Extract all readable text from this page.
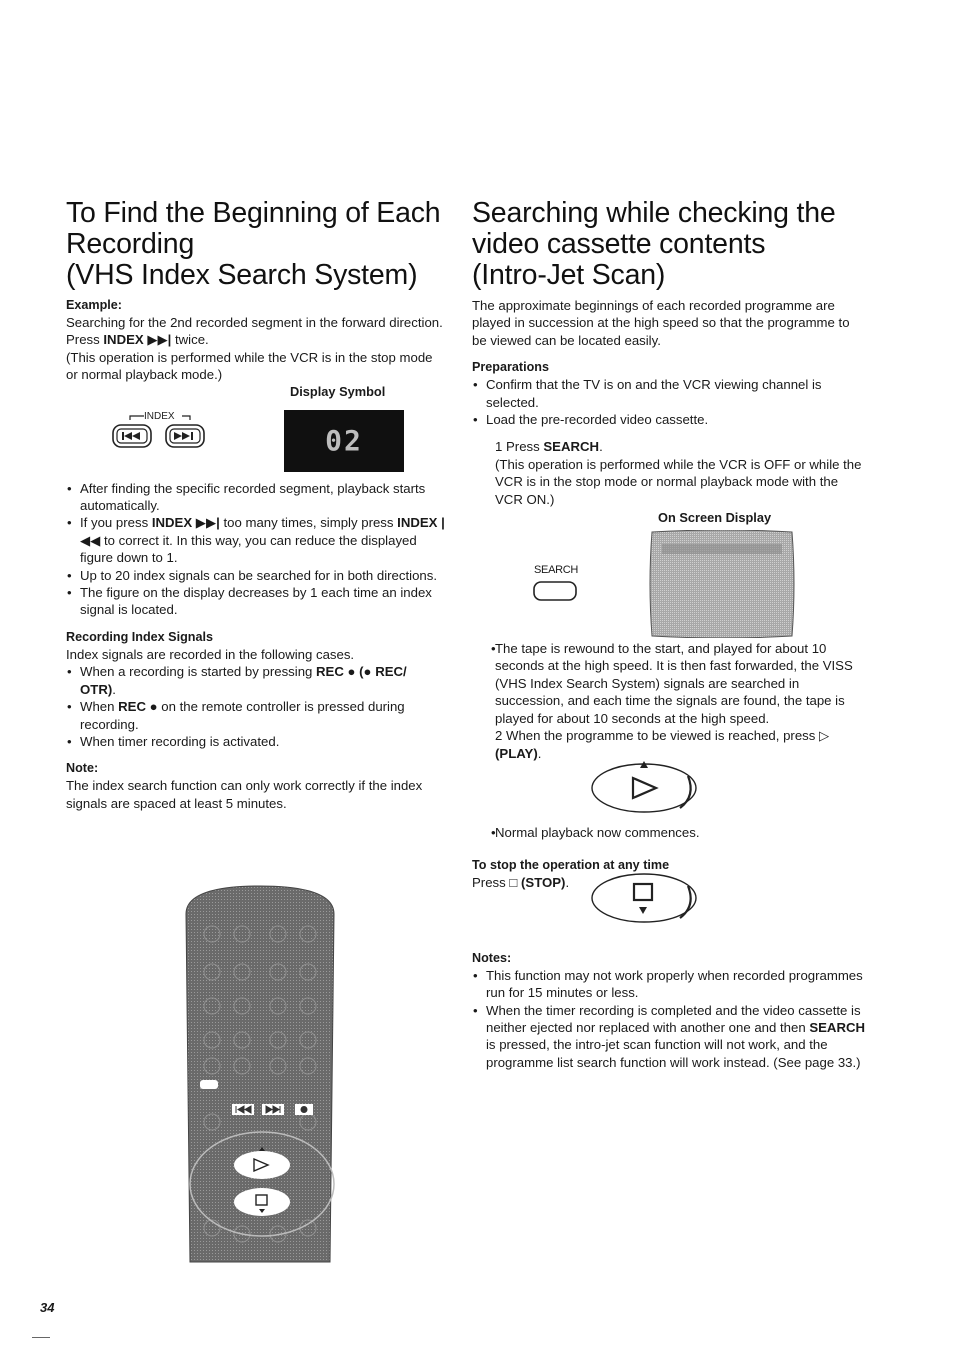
To Find the Beginning of Each
Recording
(VHS Index Search System)
Example:

Searching for the 2nd recorded segment in the forward direction.

Press INDEX ▶▶| twice.

(This operation is performed while the VCR is in the stop mode or normal playback mode.)

Display Symbol
INDEX
02
• After finding the specific recorded segment, playback starts automatically.
• If you press INDEX ▶▶| too many times, simply press INDEX |◀◀ to correct it. In this way, you can reduce the displayed figure down to 1.
• Up to 20 index signals can be searched for in both directions.
• The figure on the display decreases by 1 each time an index signal is located.
Recording Index Signals

Index signals are recorded in the following cases.

• When a recording is started by pressing REC ● (● REC/ OTR).
• When REC ● on the remote controller is pressed during recording.
• When timer recording is activated.
Note:

The index search function can only work correctly if the index signals are spaced at least 5 minutes.

Searching while checking the
video cassette contents
(Intro-Jet Scan)

The approximate beginnings of each recorded programme are played in succession at the high speed so that the programme to be viewed can be located easily.

Preparations
• Confirm that the TV is on and the VCR viewing channel is selected.
• Load the pre-recorded video cassette.
1 Press SEARCH.
(This operation is performed while the VCR is OFF or while the VCR is in the stop mode or normal playback mode with the VCR ON.)
On Screen Display
SEARCH
• The tape is rewound to the start, and played for about 10 seconds at the high speed. It is then fast forwarded, the VISS (VHS Index Search System) signals are searched in succession, and each time the signals are found, the tape is played for about 10 seconds at the high speed.
2 When the programme to be viewed is reached, press ▷ (PLAY).
• Normal playback now commences.
To stop the operation at any time

Press □ (STOP).

Notes:
• This function may not work properly when recorded programmes run for 15 minutes or less.
• When the timer recording is completed and the video cassette is neither ejected nor replaced with another one and then SEARCH is pressed, the intro-jet scan function will not work, and the programme list search function will work instead. (See page 33.)
34
